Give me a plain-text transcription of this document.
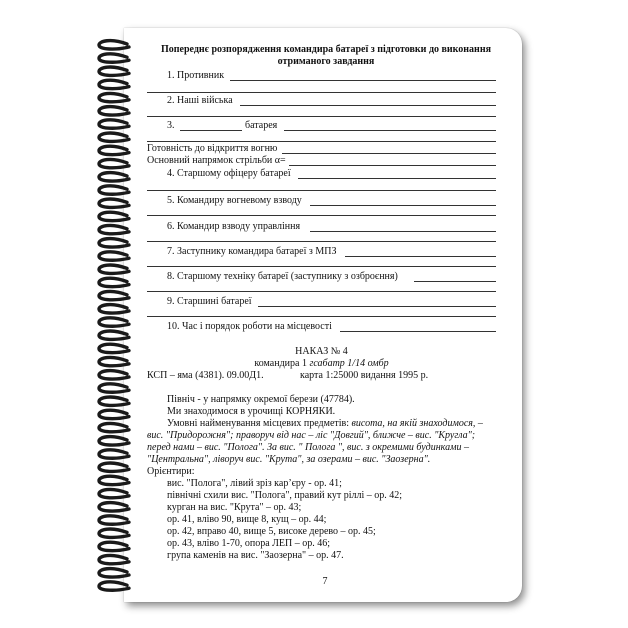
Попереднє розпорядження командира батареї з підготовки до виконання
отриманого завдання
1. Противник
2. Наші війська
3.	батарея
Готовність до відкриття вогню
Основний напрямок стрільби α=
4. Старшому офіцеру батареї
5. Командиру вогневому взводу
6. Командир взводу управління
7. Заступнику командира батареї з МПЗ
8. Старшому техніку батареї (заступнику з озброєння)
9. Старшині батареї
10. Час і порядок роботи на місцевості
НАКАЗ № 4
командира 1 гсабатр 1/14 омбр
КСП – яма (4381). 09.00Д1.	карта 1:25000 видання 1995 р.
Північ - у напрямку окремої берези (47784).
Ми знаходимося в урочищі КОРНЯКИ.
Умовні найменування місцевих предметів: висота, на якій знаходимося, –
вис. "Придорожня"; праворуч від нас – ліс "Довгий", ближче – вис. "Кругла";
перед нами – вис. "Полога". За вис. " Полога ", вис. з окремими будинками –
"Центральна", ліворуч вис. "Крута", за озерами – вис. "Заозерна".
Орієнтири:
вис. "Полога", лівий зріз кар’єру - ор. 41;
північні схили вис. "Полога", правий кут ріллі – ор. 42;
курган на вис. "Крута" – ор. 43;
ор. 41, вліво 90, вище 8, кущ – ор. 44;
ор. 42, вправо 40, вище 5, високе дерево – ор. 45;
ор. 43, вліво 1-70, опора ЛЕП – ор. 46;
група каменів на вис. "Заозерна" – ор. 47.
7
